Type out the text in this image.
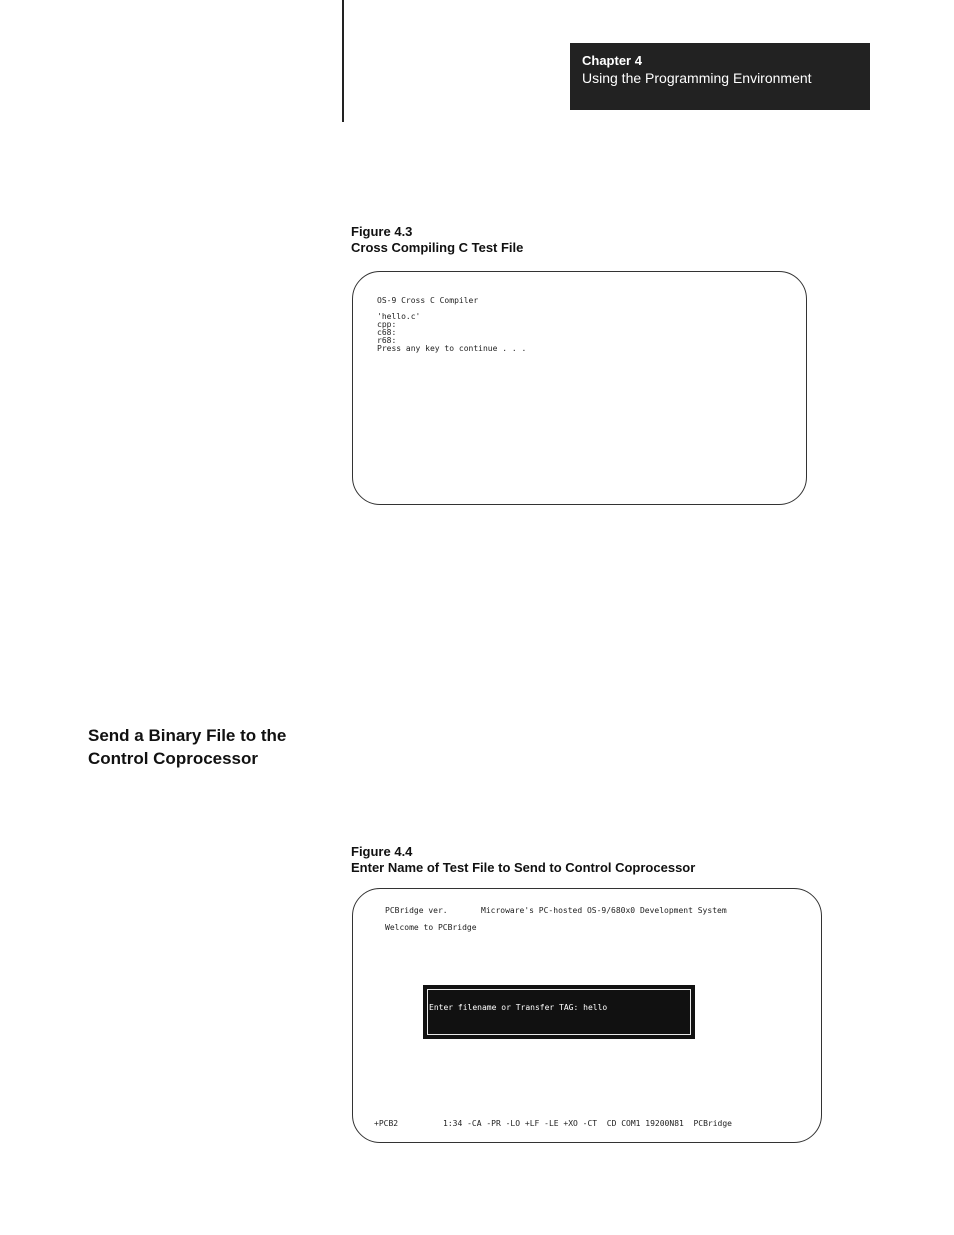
Chapter 4
Using the Programming Environment
Figure 4.3
Cross Compiling C Test File
OS-9 Cross C Compiler
'hello.c'
cpp:
c68:
r68:
Press any key to continue . . .
Send a Binary File to the
Control Coprocessor
Figure 4.4
Enter Name of Test File to Send to Control Coprocessor
PCBridge ver.	Microware's PC-hosted OS-9/680x0 Development System
Welcome to PCBridge
Enter filename or Transfer TAG: hello
+PCB2	1:34 -CA -PR -LO +LF -LE +XO -CT  CD COM1 19200N81  PCBridge
